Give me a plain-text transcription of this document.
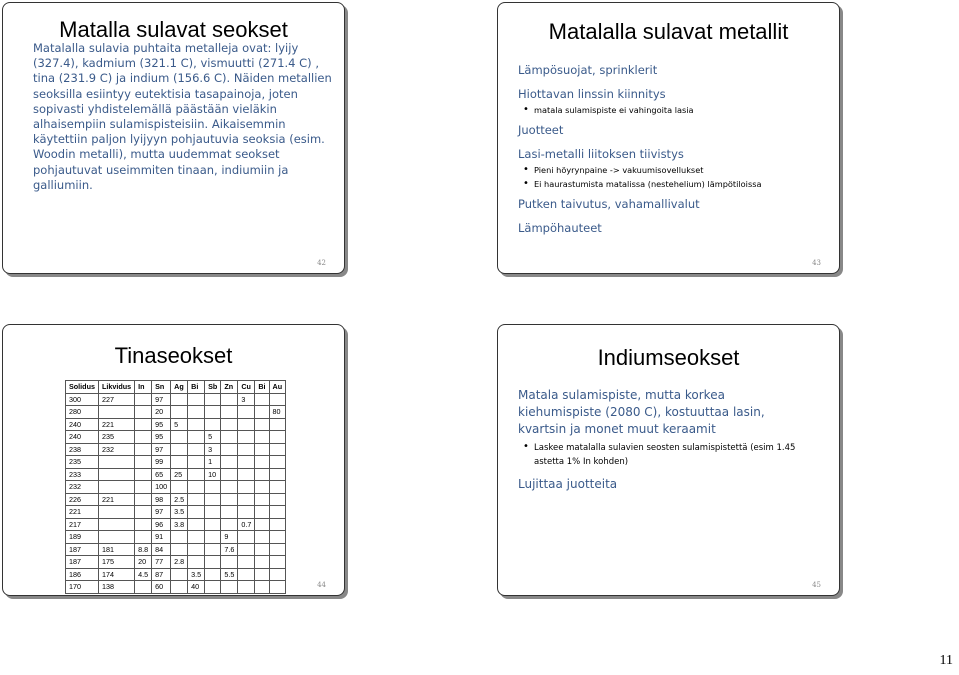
Matalla sulavat seokset
Matalalla sulavia puhtaita metalleja ovat: lyijy (327.4), kadmium (321.1 C), vismuutti (271.4 C) , tina (231.9 C) ja indium (156.6 C). Näiden metallien seoksilla esiintyy eutektisia tasapainoja, joten sopivasti yhdistelemällä päästään vieläkin alhaisempiin sulamispisteisiin. Aikaisemmin käytettiin paljon lyijyyn pohjautuvia seoksia (esim. Woodin metalli), mutta uudemmat seokset pohjautuvat useimmiten tinaan, indiumiin ja galliumiin.
42
Matalalla sulavat metallit
Lämpösuojat, sprinklerit
Hiottavan linssin kiinnitys
• matala sulamispiste ei vahingoita lasia
Juotteet
Lasi-metalli liitoksen tiivistys
• Pieni höyrynpaine -> vakuumisovellukset
• Ei haurastumista matalissa (nestehelium) lämpötiloissa
Putken taivutus, vahamallivalut
Lämpöhauteet
43
Tinaseokset
Solidus	Likvidus	In	Sn	Ag	Bi	Sb	Zn	Cu	Bi	Au
300	227		97					3		
280			20							80
240	221		95	5						
240	235		95			5				
238	232		97			3				
235			99			1				
233			65	25		10				
232			100							
226	221		98	2.5						
221			97	3.5						
217			96	3.8				0.7		
189			91				9			
187	181	8.8	84				7.6			
187	175	20	77	2.8						
186	174	4.5	87		3.5		5.5			
170	138		60		40						44
Indiumseokset
Matala sulamispiste, mutta korkea kiehumispiste (2080 C), kostuuttaa lasin, kvartsin ja monet muut keraamit
• Laskee matalalla sulavien seosten sulamispistettä (esim 1.45 astetta 1% In kohden)
Lujittaa juotteita
45
11
